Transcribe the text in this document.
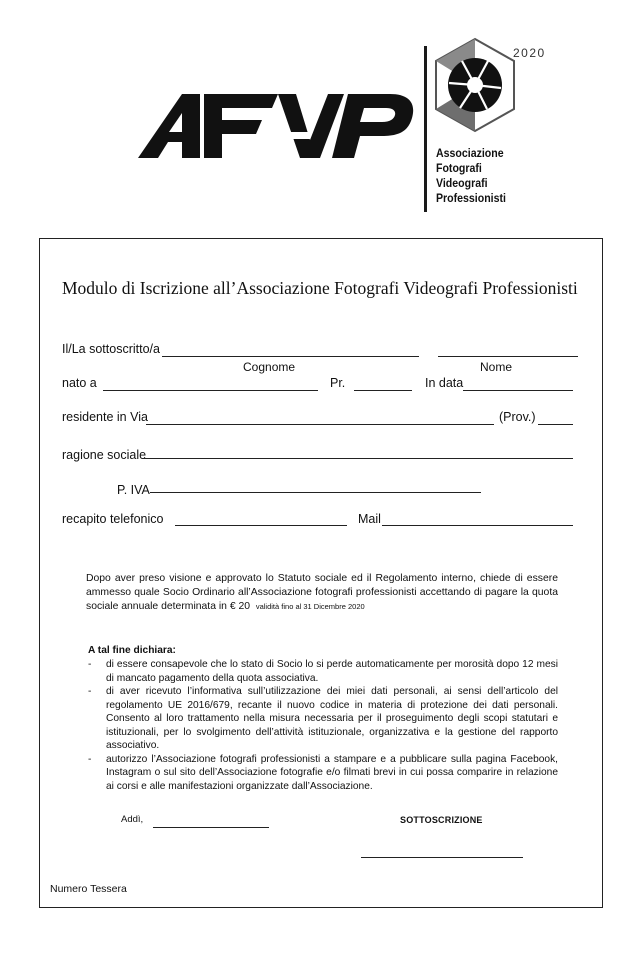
2020
Associazione
Fotografi
Videografi
Professionisti
Modulo di Iscrizione all’Associazione Fotografi Videografi Professionisti
Il/La sottoscritto/a
Cognome	Nome
nato a	Pr.	In data
residente in Via	(Prov.)
ragione sociale
P. IVA
recapito telefonico	Mail
Dopo aver preso visione e approvato lo Statuto sociale ed il Regolamento interno, chiede di essere ammesso quale Socio Ordinario all’Associazione fotografi professionisti accettando di pagare la quota sociale annuale determinata in € 20 validità fino al 31 Dicembre 2020
A tal fine dichiara:
- di essere consapevole che lo stato di Socio lo si perde automaticamente per morosità dopo 12 mesi di mancato pagamento della quota associativa.
- di aver ricevuto l’informativa sull’utilizzazione dei miei dati personali, ai sensi dell’articolo del regolamento UE 2016/679, recante il nuovo codice in materia di protezione dei dati personali. Consento al loro trattamento nella misura necessaria per il proseguimento degli scopi statutari e istituzionali, per lo svolgimento dell’attività istituzionale, organizzativa e la gestione del rapporto associativo.
- autorizzo l’Associazione fotografi professionisti a stampare e a pubblicare sulla pagina Facebook, Instagram o sul sito dell’Associazione fotografie e/o filmati brevi in cui possa comparire in relazione ai corsi e alle manifestazioni organizzate dall’Associazione.
Addì,	SOTTOSCRIZIONE
Numero Tessera
